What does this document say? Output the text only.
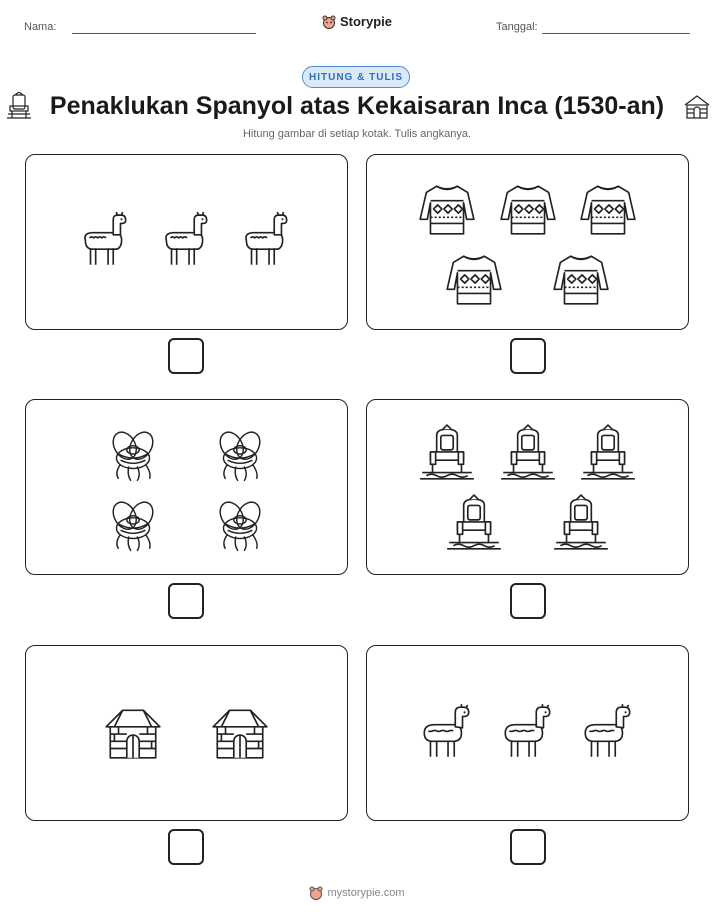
Nama:	Storypie	Tanggal:
HITUNG & TULIS
Penaklukan Spanyol atas Kekaisaran Inca (1530-an)
Hitung gambar di setiap kotak. Tulis angkanya.
mystorypie.com
